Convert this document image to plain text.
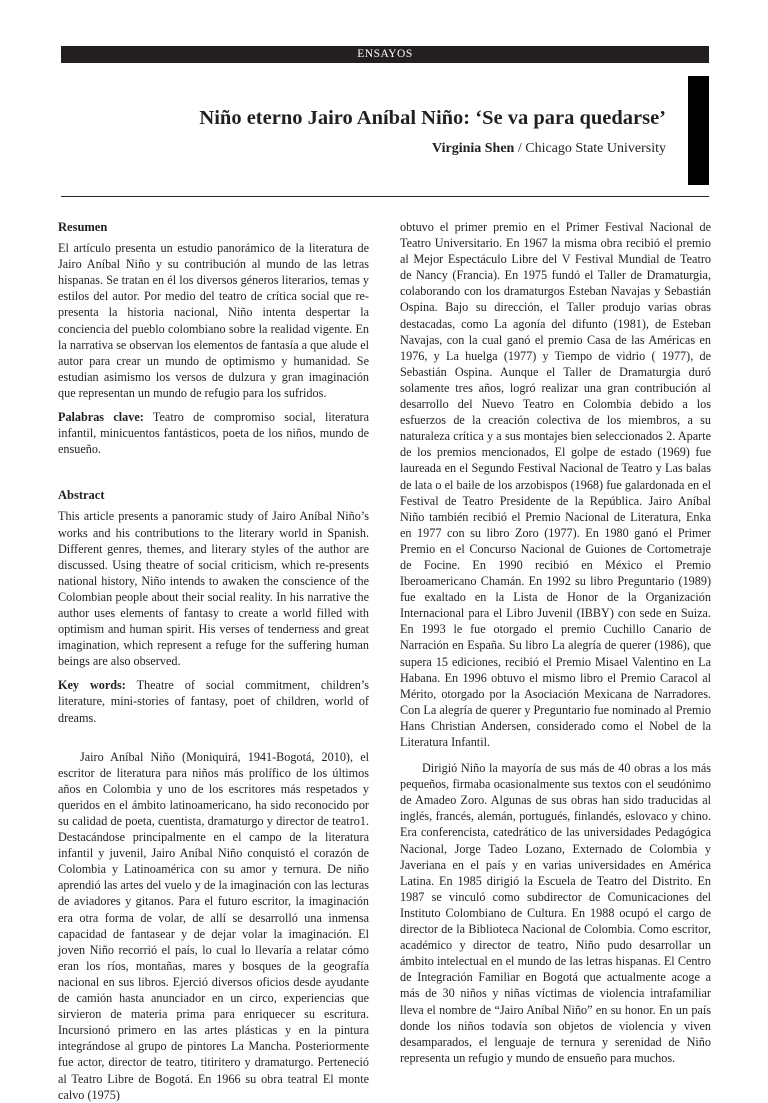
ENSAYOS
Niño eterno Jairo Aníbal Niño: ‘Se va para quedarse’
Virginia Shen / Chicago State University
Resumen

El artículo presenta un estudio panorámico de la literatura de Jairo Aníbal Niño y su contribución al mundo de las letras hispanas. Se tratan en él los diversos géneros literarios, temas y estilos del autor. Por medio del teatro de crítica social que re-presenta la historia nacional, Niño intenta despertar la conciencia del pueblo colombiano sobre la realidad vigente. En la narrativa se observan los elementos de fantasía a que alude el autor para crear un mundo de optimismo y humanidad. Se estudian asimismo los versos de dulzura y gran imaginación que representan un mundo de refugio para los sufridos.

Palabras clave: Teatro de compromiso social, literatura infantil, minicuentos fantásticos, poeta de los niños, mundo de ensueño.

Abstract

This article presents a panoramic study of Jairo Aníbal Niño’s works and his contributions to the literary world in Spanish. Different genres, themes, and literary styles of the author are discussed. Using theatre of social criticism, which re-presents national history, Niño intends to awaken the conscience of the Colombian people about their social reality. In his narrative the author uses elements of fantasy to create a world filled with optimism and human spirit. His verses of tenderness and great imagination, which represent a refuge for the suffering human beings are also observed.

Key words: Theatre of social commitment, children’s literature, mini-stories of fantasy, poet of children, world of dreams.

Jairo Aníbal Niño (Moniquirá, 1941-Bogotá, 2010), el escritor de literatura para niños más prolífico de los últimos años en Colombia y uno de los escritores más respetados y queridos en el ámbito latinoamericano, ha sido reconocido por su calidad de poeta, cuentista, dramaturgo y director de teatro1. Destacándose principalmente en el campo de la literatura infantil y juvenil, Jairo Aníbal Niño conquistó el corazón de Colombia y Latinoamérica con su amor y ternura. De niño aprendió las artes del vuelo y de la imaginación con las lecturas de aviadores y gitanos. Para el futuro escritor, la imaginación era otra forma de volar, de allí se desarrolló una inmensa capacidad de fantasear y de dejar volar la imaginación. El joven Niño recorrió el país, lo cual lo llevaría a relatar cómo eran los ríos, montañas, mares y bosques de la geografía nacional en sus libros. Ejerció diversos oficios desde ayudante de camión hasta anunciador en un circo, experiencias que sirvieron de materia prima para enriquecer su escritura. Incursionó primero en las artes plásticas y en la pintura integrándose al grupo de pintores La Mancha. Posteriormente fue actor, director de teatro, titiritero y dramaturgo. Perteneció al Teatro Libre de Bogotá. En 1966 su obra teatral El monte calvo (1975)

obtuvo el primer premio en el Primer Festival Nacional de Teatro Universitario. En 1967 la misma obra recibió el premio al Mejor Espectáculo Libre del V Festival Mundial de Teatro de Nancy (Francia). En 1975 fundó el Taller de Dramaturgia, colaborando con los dramaturgos Esteban Navajas y Sebastián Ospina. Bajo su dirección, el Taller produjo varias obras destacadas, como La agonía del difunto (1981), de Esteban Navajas, con la cual ganó el premio Casa de las Américas en 1976, y La huelga (1977) y Tiempo de vidrio ( 1977), de Sebastián Ospina. Aunque el Taller de Dramaturgia duró solamente tres años, logró realizar una gran contribución al desarrollo del Nuevo Teatro en Colombia debido a los esfuerzos de la creación colectiva de los miembros, a su naturaleza crítica y a sus montajes bien seleccionados 2. Aparte de los premios mencionados, El golpe de estado (1969) fue laureada en el Segundo Festival Nacional de Teatro y Las balas de lata o el baile de los arzobispos (1968) fue galardonada en el Festival de Teatro Presidente de la República. Jairo Aníbal Niño también recibió el Premio Nacional de Literatura, Enka en 1977 con su libro Zoro (1977). En 1980 ganó el Primer Premio en el Concurso Nacional de Guiones de Cortometraje de Focine. En 1990 recibió en México el Premio Iberoamericano Chamán. En 1992 su libro Preguntario (1989) fue exaltado en la Lista de Honor de la Organización Internacional para el Libro Juvenil (IBBY) con sede en Suiza. En 1993 le fue otorgado el premio Cuchillo Canario de Narración en España. Su libro La alegría de querer (1986), que supera 15 ediciones, recibió el Premio Misael Valentino en La Habana. En 1996 obtuvo el mismo libro el Premio Caracol al Mérito, otorgado por la Asociación Mexicana de Narradores. Con La alegría de querer y Preguntario fue nominado al Premio Hans Christian Andersen, considerado como el Nobel de la Literatura Infantil.

Dirigió Niño la mayoría de sus más de 40 obras a los más pequeños, firmaba ocasionalmente sus textos con el seudónimo de Amadeo Zoro. Algunas de sus obras han sido traducidas al inglés, francés, alemán, portugués, finlandés, eslovaco y chino. Era conferencista, catedrático de las universidades Pedagógica Nacional, Jorge Tadeo Lozano, Externado de Colombia y Javeriana en el país y en varias universidades en América Latina. En 1985 dirigió la Escuela de Teatro del Distrito. En 1987 se vinculó como subdirector de Comunicaciones del Instituto Colombiano de Cultura. En 1988 ocupó el cargo de director de la Biblioteca Nacional de Colombia. Como escritor, académico y director de teatro, Niño pudo desarrollar un ámbito intelectual en el mundo de las letras hispanas. El Centro de Integración Familiar en Bogotá que actualmente acoge a más de 30 niños y niñas víctimas de violencia intrafamiliar lleva el nombre de “Jairo Aníbal Niño” en su honor. En un país donde los niños todavía son objetos de violencia y viven desamparados, el lenguaje de ternura y serenidad de Niño representa un refugio y mundo de ensueño para muchos.
